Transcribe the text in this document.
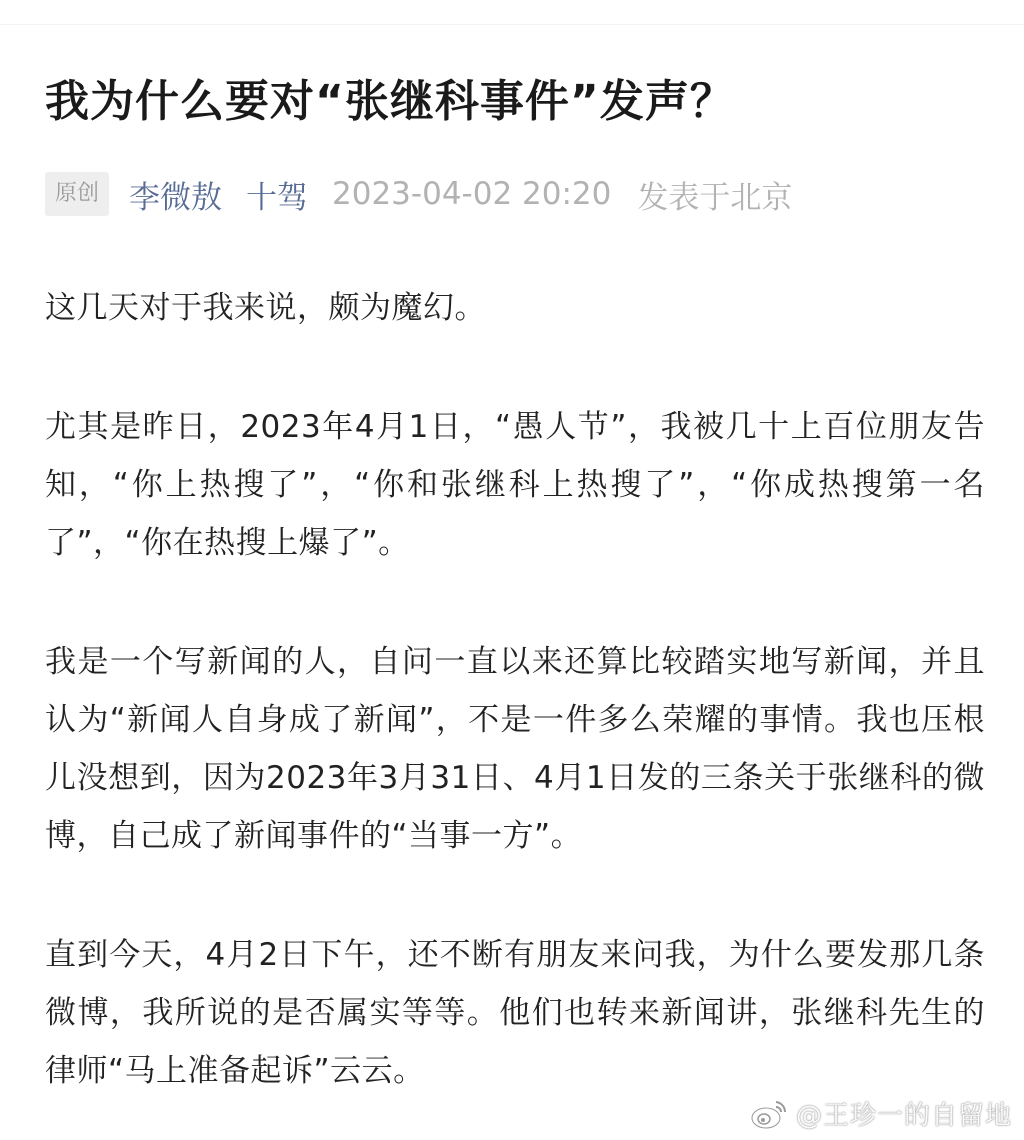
我为什么要对“张继科事件”发声？
原创 李微敖 十驾 2023-04-02 20:20 发表于北京

这几天对于我来说，颇为魔幻。

尤其是昨日，2023年4月1日，“愚人节”，我被几十上百位朋友告知，“你上热搜了”，“你和张继科上热搜了”，“你成热搜第一名了”，“你在热搜上爆了”。

我是一个写新闻的人，自问一直以来还算比较踏实地写新闻，并且认为“新闻人自身成了新闻”，不是一件多么荣耀的事情。我也压根儿没想到，因为2023年3月31日、4月1日发的三条关于张继科的微博，自己成了新闻事件的“当事一方”。

直到今天，4月2日下午，还不断有朋友来问我，为什么要发那几条微博，我所说的是否属实等等。他们也转来新闻讲，张继科先生的律师“马上准备起诉”云云。

@王珍一的自留地
